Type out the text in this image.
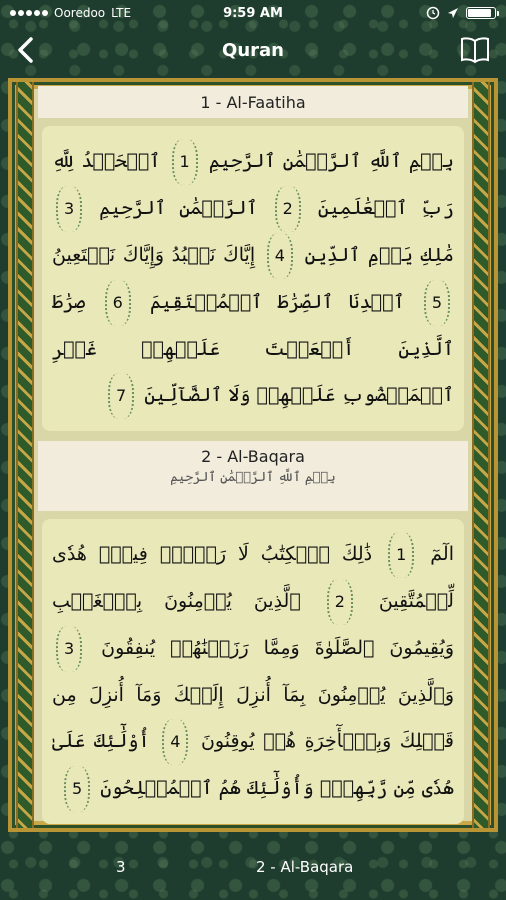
Ooredoo LTE	9:59 AM
Quran
1 - Al-Faatiha
بِسۡمِ ٱللَّهِ ٱلرَّحۡمَٰنِ ٱلرَّحِيمِ 1 ٱلۡحَمۡدُ لِلَّهِ رَبِّ ٱلۡعَٰلَمِينَ 2 ٱلرَّحۡمَٰنِ ٱلرَّحِيمِ 3 مَٰلِكِ يَوۡمِ ٱلدِّينِ 4 إِيَّاكَ نَعۡبُدُ وَإِيَّاكَ نَسۡتَعِينُ 5 ٱهۡدِنَا ٱلصِّرَٰطَ ٱلۡمُسۡتَقِيمَ 6 صِرَٰطَ ٱلَّذِينَ أَنۡعَمۡتَ عَلَيۡهِمۡ غَيۡرِ ٱلۡمَغۡضُوبِ عَلَيۡهِمۡ وَلَا ٱلضَّآلِّينَ 7
2 - Al-Baqara
بِسۡمِ ٱللَّهِ ٱلرَّحۡمَٰنِ ٱلرَّحِيمِ
الٓمٓ 1 ذَٰلِكَ ٱلۡكِتَٰبُ لَا رَيۡبَۛ فِيهِۛ هُدٗى لِّلۡمُتَّقِينَ 2 ٱلَّذِينَ يُؤۡمِنُونَ بِٱلۡغَيۡبِ وَيُقِيمُونَ ٱلصَّلَوٰةَ وَمِمَّا رَزَقۡنَٰهُمۡ يُنفِقُونَ 3 وَٱلَّذِينَ يُؤۡمِنُونَ بِمَآ أُنزِلَ إِلَيۡكَ وَمَآ أُنزِلَ مِن قَبۡلِكَ وَبِٱلۡأٓخِرَةِ هُمۡ يُوقِنُونَ 4 أُوْلَٰٓئِكَ عَلَىٰ هُدٗى مِّن رَّبِّهِمۡۖ وَأُوْلَٰٓئِكَ هُمُ ٱلۡمُفۡلِحُونَ 5
3	2 - Al-Baqara
